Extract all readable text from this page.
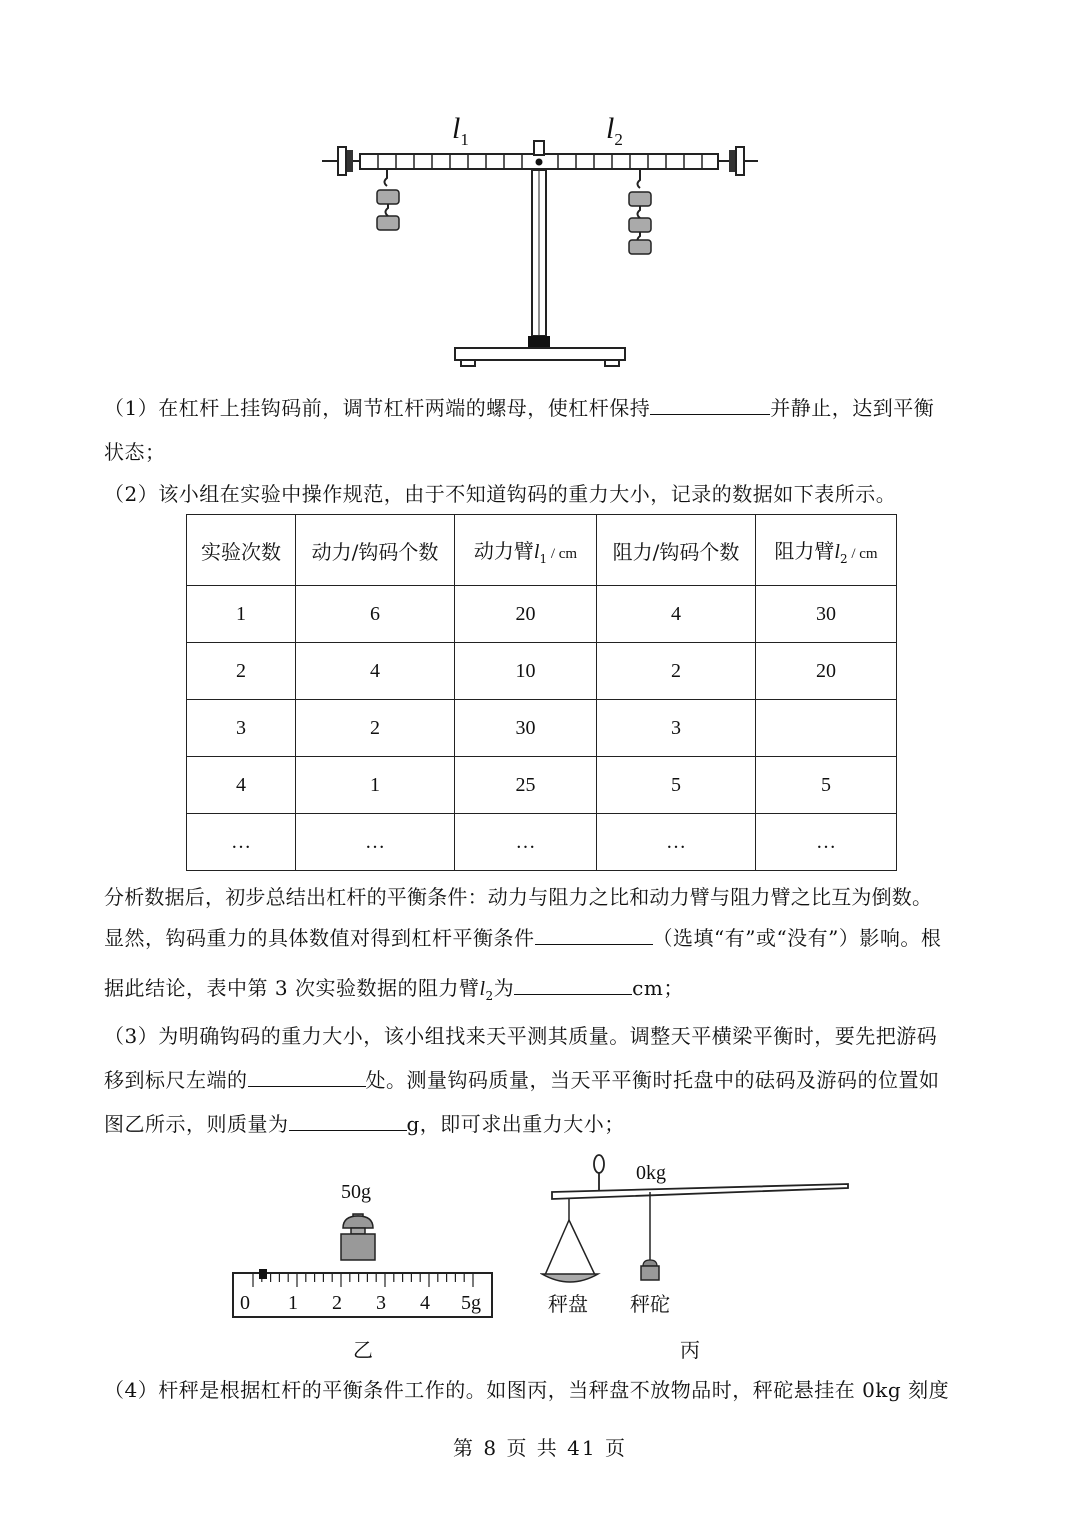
$l_1$	$l_2$
（1）在杠杆上挂钩码前，调节杠杆两端的螺母，使杠杆保持	并静止，达到平衡
状态；
（2）该小组在实验中操作规范，由于不知道钩码的重力大小，记录的数据如下表所示。
实验次数	动力/钩码个数	动力臂$l_1$ / cm	阻力/钩码个数	阻力臂$l_2$ / cm
1	6	20	4	30
2	4	10	2	20
3	2	30	3	
4	1	25	5	5
…	…	…	…	…
分析数据后，初步总结出杠杆的平衡条件：动力与阻力之比和动力臂与阻力臂之比互为倒数。
显然，钩码重力的具体数值对得到杠杆平衡条件	（选填“有”或“没有”）影响。根
据此结论，表中第 3 次实验数据的阻力臂$l_2$为	cm；
（3）为明确钩码的重力大小，该小组找来天平测其质量。调整天平横梁平衡时，要先把游码
移到标尺左端的	处。测量钩码质量，当天平平衡时托盘中的砝码及游码的位置如
图乙所示，则质量为	g，即可求出重力大小；
50g
0 1 2 3 4 5g
乙
0kg
秤盘 秤砣
丙
（4）杆秤是根据杠杆的平衡条件工作的。如图丙，当秤盘不放物品时，秤砣悬挂在 0kg 刻度
第 8 页 共 41 页
